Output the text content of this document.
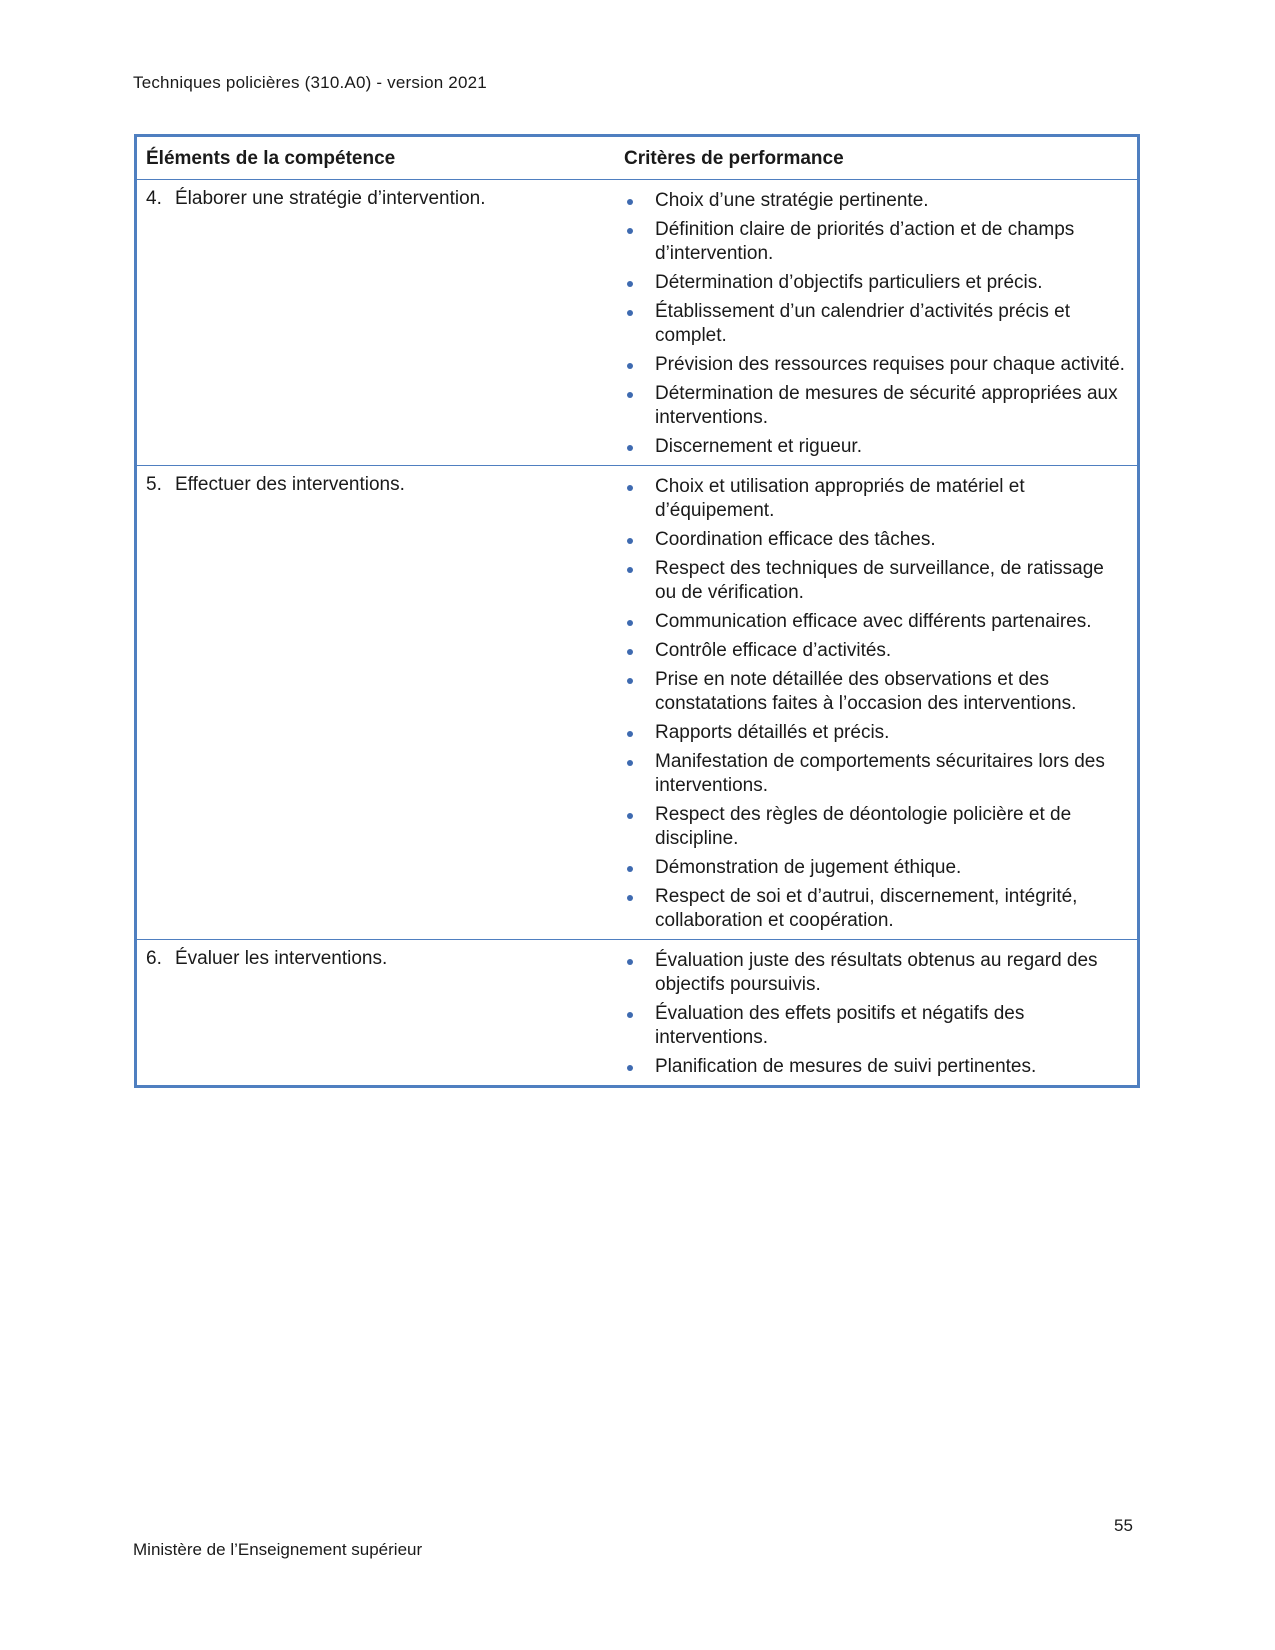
Techniques policières (310.A0) - version 2021
Éléments de la compétence	Critères de performance
4. Élaborer une stratégie d’intervention.	Choix d’une stratégie pertinente.
Définition claire de priorités d’action et de champs d’intervention.
Détermination d’objectifs particuliers et précis.
Établissement d’un calendrier d’activités précis et complet.
Prévision des ressources requises pour chaque activité.
Détermination de mesures de sécurité appropriées aux interventions.
Discernement et rigueur.
5. Effectuer des interventions.	Choix et utilisation appropriés de matériel et d’équipement.
Coordination efficace des tâches.
Respect des techniques de surveillance, de ratissage ou de vérification.
Communication efficace avec différents partenaires.
Contrôle efficace d’activités.
Prise en note détaillée des observations et des constatations faites à l’occasion des interventions.
Rapports détaillés et précis.
Manifestation de comportements sécuritaires lors des interventions.
Respect des règles de déontologie policière et de discipline.
Démonstration de jugement éthique.
Respect de soi et d’autrui, discernement, intégrité, collaboration et coopération.
6. Évaluer les interventions.	Évaluation juste des résultats obtenus au regard des objectifs poursuivis.
Évaluation des effets positifs et négatifs des interventions.
Planification de mesures de suivi pertinentes.
55
Ministère de l’Enseignement supérieur
